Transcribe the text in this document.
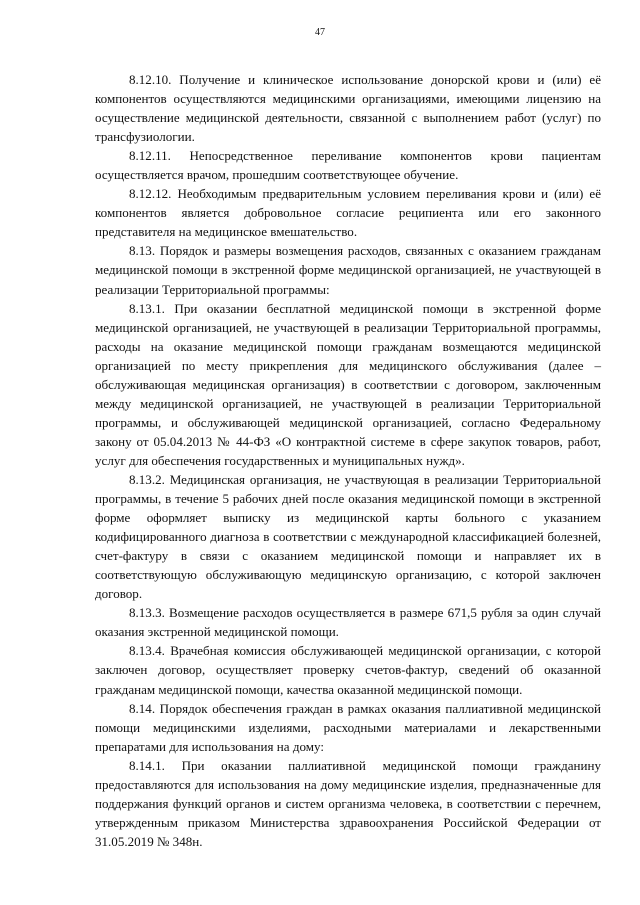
47

8.12.10. Получение и клиническое использование донорской крови и (или) её компонентов осуществляются медицинскими организациями, имеющими лицензию на осуществление медицинской деятельности, связанной с выполнением работ (услуг) по трансфузиологии.

8.12.11. Непосредственное переливание компонентов крови пациентам осуществляется врачом, прошедшим соответствующее обучение.

8.12.12. Необходимым предварительным условием переливания крови и (или) её компонентов является добровольное согласие реципиента или его законного представителя на медицинское вмешательство.

8.13. Порядок и размеры возмещения расходов, связанных с оказанием гражданам медицинской помощи в экстренной форме медицинской организацией, не участвующей в реализации Территориальной программы:

8.13.1. При оказании бесплатной медицинской помощи в экстренной форме медицинской организацией, не участвующей в реализации Территориальной программы, расходы на оказание медицинской помощи гражданам возмещаются медицинской организацией по месту прикрепления для медицинского обслуживания (далее – обслуживающая медицинская организация) в соответствии с договором, заключенным между медицинской организацией, не участвующей в реализации Территориальной программы, и обслуживающей медицинской организацией, согласно Федеральному закону от 05.04.2013 № 44-ФЗ «О контрактной системе в сфере закупок товаров, работ, услуг для обеспечения государственных и муниципальных нужд».

8.13.2. Медицинская организация, не участвующая в реализации Территориальной программы, в течение 5 рабочих дней после оказания медицинской помощи в экстренной форме оформляет выписку из медицинской карты больного с указанием кодифицированного диагноза в соответствии с международной классификацией болезней, счет-фактуру в связи с оказанием медицинской помощи и направляет их в соответствующую обслуживающую медицинскую организацию, с которой заключен договор.

8.13.3. Возмещение расходов осуществляется в размере 671,5 рубля за один случай оказания экстренной медицинской помощи.

8.13.4. Врачебная комиссия обслуживающей медицинской организации, с которой заключен договор, осуществляет проверку счетов-фактур, сведений об оказанной гражданам медицинской помощи, качества оказанной медицинской помощи.

8.14. Порядок обеспечения граждан в рамках оказания паллиативной медицинской помощи медицинскими изделиями, расходными материалами и лекарственными препаратами для использования на дому:

8.14.1. При оказании паллиативной медицинской помощи гражданину предоставляются для использования на дому медицинские изделия, предназначенные для поддержания функций органов и систем организма человека, в соответствии с перечнем, утвержденным приказом Министерства здравоохранения Российской Федерации от 31.05.2019 № 348н.
